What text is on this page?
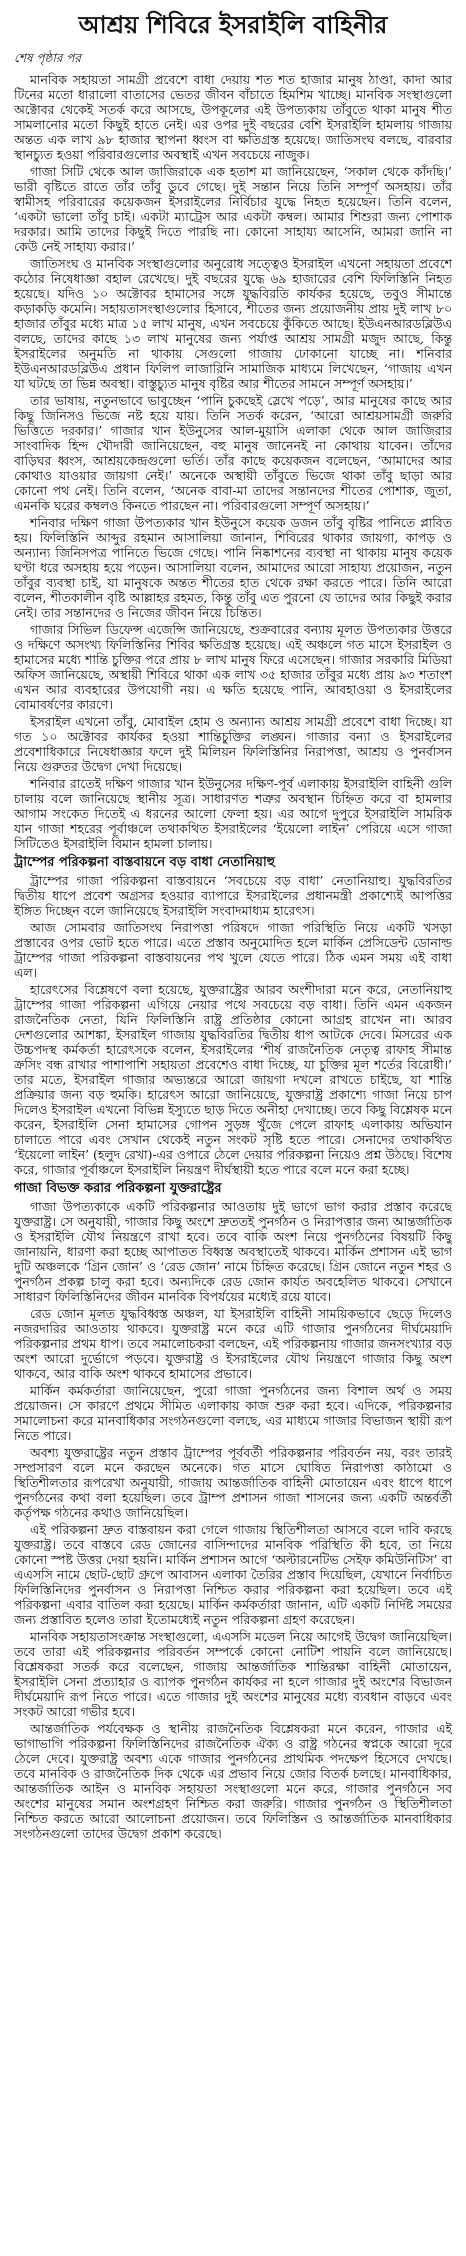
আশ্রয় শিবিরে ইসরাইলি বাহিনীর
শেষ পৃষ্ঠার পর

মানবিক সহায়তা সামগ্রী প্রবেশে বাধা দেয়ায় শত শত হাজার মানুষ ঠাণ্ডা, কাদা আর টিনের মতো ধারালো বাতাসের ভেতর জীবন বাঁচাতে হিমশিম খাচ্ছে। মানবিক সংস্থাগুলো অক্টোবর থেকেই সতর্ক করে আসছে, উপকূলের এই উপত্যকায় তাঁবুতে থাকা মানুষ শীত সামলানোর মতো কিছুই হাতে নেই। এর ওপর দুই বছরের বেশি ইসরাইলি হামলায় গাজায় অন্তত এক লাখ ৯৮ হাজার স্থাপনা ধ্বংস বা ক্ষতিগ্রস্ত হয়েছে। জাতিসংঘ বলছে, বারবার স্থানচ্যুত হওয়া পরিবারগুলোর অবস্থাই এখন সবচেয়ে নাজুক।

গাজা সিটি থেকে আল জাজিরাকে এক হতাশ মা জানিয়েছেন, ‘সকাল থেকে কাঁদছি।’ ভারী বৃষ্টিতে রাতে তাঁর তাঁবু ডুবে গেছে। দুই সন্তান নিয়ে তিনি সম্পূর্ণ অসহায়। তাঁর স্বামীসহ পরিবারের কয়েকজন ইসরাইলের নির্বিচার যুদ্ধে নিহত হয়েছেন। তিনি বলেন, ‘একটা ভালো তাঁবু চাই। একটা ম্যাট্রেস আর একটা কম্বল। আমার শিশুরা জন্য পোশাক দরকার। আমি তাদের কিছুই দিতে পারছি না। কোনো সাহায্য আসেনি, আমরা জানি না কেউ নেই সাহায্য করার।’

জাতিসংঘ ও মানবিক সংস্থাগুলোর অনুরোধ সত্ত্বেও ইসরাইল এখনো সহায়তা প্রবেশে কঠোর নিষেধাজ্ঞা বহাল রেখেছে। দুই বছরের যুদ্ধে ৬৯ হাজারের বেশি ফিলিস্তিনি নিহত হয়েছে। যদিও ১০ অক্টোবর হামাসের সঙ্গে যুদ্ধবিরতি কার্যকর হয়েছে, তবুও সীমান্তে কড়াকড়ি কমেনি। সহায়তাসংস্থাগুলোর হিসাবে, শীতের জন্য প্রয়োজনীয় প্রায় দুই লাখ ৮০ হাজার তাঁবুর মধ্যে মাত্র ১৫ লাখ মানুষ, এখন সবচেয়ে কুঁকিতে আছে। ইউএনআরডব্লিউএ বলছে, তাদের কাছে ১৩ লাখ মানুষের জন্য পর্যাপ্ত আশ্রয় সামগ্রী মজুদ আছে, কিন্তু ইসরাইলের অনুমতি না থাকায় সেগুলো গাজায় ঢোকানো যাচ্ছে না। শনিবার ইউএনআরডব্লিউএ প্রধান ফিলিপ লাজারিনি সামাজিক মাধ্যমে লিখেছেন, ‘গাজায় এখন যা ঘটছে তা ভিন্ন অবস্থা। বাস্তুচ্যুত মানুষ বৃষ্টির আর শীতের সামনে সম্পূর্ণ অসহায়।’

তার ভাষায়, নতুনভাবে ভাবুচ্ছেন ‘পানি চুকছেই স্লেখে পড়ে’, আর মানুষের কাছে আর কিছু জিনিসও ভিজে নষ্ট হয়ে যায়। তিনি সতর্ক করেন, ‘আরো আশ্রয়সামগ্রী জরুরি ভিত্তিতে দরকার।’ গাজার খান ইউনুসের আল-মুয়াসি এলাকা থেকে আল জাজিরার সাংবাদিক হিন্দ খৌদারী জানিয়েছেন, বহু মানুষ জানেনই না কোথায় যাবেন। তাঁদের বাড়িঘর ধ্বংস, আশ্রয়কেন্দ্রগুলো ভর্তি। তাঁর কাছে কয়েকজন বলেছেন, ‘আমাদের আর কোথাও যাওয়ার জায়গা নেই।’ অনেকে অস্থায়ী তাঁবুতে ভিজে থাকা তাঁবু ছাড়া আর কোনো পথ নেই। তিনি বলেন, ‘অনেক বাবা-মা তাদের সন্তানদের শীতের পোশাক, জুতা, এমনকি ঘরের কম্বলও কিনতে পারছেন না। পরিবারগুলো সম্পূর্ণ অসহায়।’

শনিবার দক্ষিণ গাজা উপত্যকার খান ইউনুসে কয়েক ডজন তাঁবু বৃষ্টির পানিতে প্লাবিত হয়। ফিলিস্তিনি আব্দুর রহমান আসালিয়া জানান, শিবিরের থাকার জায়গা, কাপড় ও অন্যান্য জিনিসপত্র পানিতে ভিজে গেছে। পানি নিষ্কাশনের ব্যবস্থা না থাকায় মানুষ কয়েক ঘণ্টা ধরে অসহায় হয়ে পড়েন। আসালিয়া বলেন, আমাদের আরো সাহায্য প্রয়োজন, নতুন তাঁবুর ব্যবস্থা চাই, যা মানুষকে অন্তত শীতের হাত থেকে রক্ষা করতে পারে। তিনি আরো বলেন, শীতকালীন বৃষ্টি আল্লাহর রহমত, কিন্তু তাঁবু এত পুরনো যে তাদের আর কিছুই করার নেই। তার সন্তানদের ও নিজের জীবন নিয়ে চিন্তিত।

গাজার সিভিল ডিফেন্স এজেন্সি জানিয়েছে, শুক্রবারের বন্যায় মূলত উপত্যকার উত্তরে ও দক্ষিণে অসংখ্য ফিলিস্তিনির শিবির ক্ষতিগ্রস্ত হয়েছে। এই অঞ্চলে গত মাসে ইসরাইল ও হামাসের মধ্যে শান্তি চুক্তির পরে প্রায় ৮ লাখ মানুষ ফিরে এসেছেন। গাজার সরকারি মিডিয়া অফিস জানিয়েছে, অস্থায়ী শিবিরে থাকা এক লাখ ৩৫ হাজার তাঁবুর মধ্যে প্রায় ৯৩ শতাংশ এখন আর ব্যবহারের উপযোগী নয়। এ ক্ষতি হয়েছে পানি, আবহাওয়া ও ইসরাইলের বোমাবর্ষণের কারণে।

ইসরাইল এখনো তাঁবু, মোবাইল হোম ও অন্যান্য আশ্রয় সামগ্রী প্রবেশে বাধা দিচ্ছে। যা গত ১০ অক্টোবর কার্যকর হওয়া শান্তিচুক্তির লঙ্ঘন। গাজার বন্যা ও ইসরাইলের প্রবেশাধিকারে নিষেধাজ্ঞার ফলে দুই মিলিয়ন ফিলিস্তিনির নিরাপত্তা, আশ্রয় ও পুনর্বাসন নিয়ে গুরুতর উদ্বেগ দেখা দিয়েছে।

শনিবার রাতেই দক্ষিণ গাজার খান ইউনুসের দক্ষিণ-পূর্ব এলাকায় ইসরাইলি বাহিনী গুলি চালায় বলে জানিয়েছে স্থানীয় সূত্র। সাধারণত শত্রুর অবস্থান চিহ্নিত করে বা হামলার আগাম সংকেত দিতেই এ ধরনের আলো ফেলা হয়। এর আগে দুপুরে ইসরাইলি সামরিক যান গাজা শহরের পূর্বাঞ্চলে তথাকথিত ইসরাইলের ‘ইয়েলো লাইন’ পেরিয়ে এসে গাজা সিটিতেও ইসরাইলি বিমান হামলা চালায়।

ট্রাম্পের পরিকল্পনা বাস্তবায়নে বড় বাধা নেতানিয়াহু

ট্রাম্পের গাজা পরিকল্পনা বাস্তবায়নে ‘সবচেয়ে বড় বাধা’ নেতানিয়াহু। যুদ্ধবিরতির দ্বিতীয় ধাপে প্রবেশ অগ্রসর হওয়ার ব্যাপারে ইসরাইলের প্রধানমন্ত্রী প্রকাশ্যেই আপত্তির ইঙ্গিত দিচ্ছেন বলে জানিয়েছে ইসরাইলি সংবাদমাধ্যম হারেৎস।

আজ সোমবার জাতিসংঘ নিরাপত্তা পরিষদে গাজা পরিস্থিতি নিয়ে একটি খসড়া প্রস্তাবের ওপর ভোট হতে পারে। এতে প্রস্তাব অনুমোদিত হলে মার্কিন প্রেসিডেন্ট ডোনাল্ড ট্রাম্পের গাজা পরিকল্পনা বাস্তবায়নের পথ খুলে যেতে পারে। ঠিক এমন সময় এই বাধা এল।

হারেৎসের বিশ্লেষণে বলা হয়েছে, যুক্তরাষ্ট্রের আরব অংশীদারা মনে করে, নেতানিয়াহু ট্রাম্পের গাজা পরিকল্পনা এগিয়ে নেয়ার পথে সবচেয়ে বড় বাধা। তিনি এমন একজন রাজনৈতিক নেতা, যিনি ফিলিস্তিনি রাষ্ট্র প্রতিষ্ঠার কোনো আগ্রহ রাখেন না। আরব দেশগুলোর আশঙ্কা, ইসরাইল গাজায় যুদ্ধবিরতির দ্বিতীয় ধাপ আটকে দেবে। মিসরের এক উচ্চপদস্থ কর্মকর্তা হারেৎসকে বলেন, ইসরাইলের ‘শীর্ষ রাজনৈতিক নেতৃত্ব রাফাহ সীমান্ত ক্রসিং বন্ধ রাখার পাশাপাশি সহায়তা প্রবেশেও বাধা দিচ্ছে, যা চুক্তির মূল শর্তের বিরোধী।’ তার মতে, ইসরাইল গাজার অভ্যন্তরে আরো জায়গা দখলে রাখতে চাইছে, যা শান্তি প্রক্রিয়ার জন্য বড় হুমকি। হারেৎস আরো জানিয়েছে, যুক্তরাষ্ট্র প্রকাশ্যে গাজা নিয়ে চাপ দিলেও ইসরাইল এখনো বিভিন্ন ইস্যুতে ছাড় দিতে অনীহা দেখাচ্ছে। তবে কিছু বিশ্লেষক মনে করেন, ইসরাইলি সেনা হামাসের গোপন সুড়ঙ্গ খুঁজে পেলে রাফাহ এলাকায় অভিযান চালাতে পারে এবং সেখান থেকেই নতুন সংকট সৃষ্টি হতে পারে। সেনাদের তথাকথিত ‘ইয়েলো লাইন’ (হলুদ রেখা)-এর ওপারে ঠেলে দেয়ার পরিকল্পনা নিয়েও প্রশ্ন উঠছে। বিশেষ করে, গাজার পূর্বাঞ্চলে ইসরাইলি নিয়ন্ত্রণ দীর্ঘস্থায়ী হতে পারে বলে মনে করা হচ্ছে।

গাজা বিভক্ত করার পরিকল্পনা যুক্তরাষ্ট্রের

গাজা উপত্যকাকে একটি পরিকল্পনার আওতায় দুই ভাগে ভাগ করার প্রস্তাব করেছে যুক্তরাষ্ট্র। সে অনুযায়ী, গাজার কিছু অংশে দ্রুততই পুনর্গঠন ও নিরাপত্তার জন্য আন্তর্জাতিক ও ইসরাইলি যৌথ নিয়ন্ত্রণে রাখা হবে। তবে বাকি অংশ নিয়ে পুনর্গঠনের বিষয়টি কিছু জানায়নি, ধারণা করা হচ্ছে আপাতত বিধ্বস্ত অবস্থাতেই থাকবে। মার্কিন প্রশাসন এই ভাগ দুটি অঞ্চলকে ‘গ্রিন জোন’ ও ‘রেড জোন’ নামে চিহ্নিত করেছে। গ্রিন জোনে নতুন শহর ও পুনর্গঠন প্রকল্প চালু করা হবে। অন্যদিকে রেড জোন কার্যত অবহেলিত থাকবে। সেখানে সাধারণ ফিলিস্তিনিদের জীবন মানবিক বিপর্যয়ের মধ্যেই রয়ে যাবে।

রেড জোন মূলত যুদ্ধবিধ্বস্ত অঞ্চল, যা ইসরাইলি বাহিনী সাময়িকভাবে ছেড়ে দিলেও নজরদারির আওতায় থাকবে। যুক্তরাষ্ট্র মনে করে এটি গাজার পুনর্গঠনের দীর্ঘমেয়াদি পরিকল্পনার প্রথম ধাপ। তবে সমালোচকরা বলছেন, এই পরিকল্পনায় গাজার জনসংখ্যার বড় অংশ আরো দুর্ভোগে পড়বে। যুক্তরাষ্ট্র ও ইসরাইলের যৌথ নিয়ন্ত্রণে গাজার কিছু অংশ থাকবে, আর বাকি অংশ থাকবে হামাসের প্রভাবে।

মার্কিন কর্মকর্তারা জানিয়েছেন, পুরো গাজা পুনর্গঠনের জন্য বিশাল অর্থ ও সময় প্রয়োজন। সে কারণে প্রথমে সীমিত এলাকায় কাজ শুরু করা হবে। এদিকে, পরিকল্পনার সমালোচনা করে মানবাধিকার সংগঠনগুলো বলছে, এর মাধ্যমে গাজার বিভাজন স্থায়ী রূপ নিতে পারে।

অবশ্য যুক্তরাষ্ট্রের নতুন প্রস্তাব ট্রাম্পের পূর্ববর্তী পরিকল্পনার পরিবর্তন নয়, বরং তারই সম্প্রসারণ বলে মনে করছেন অনেকে। গত মাসে ঘোষিত নিরাপত্তা কাঠামো ও স্থিতিশীলতার রূপরেখা অনুযায়ী, গাজায় আন্তর্জাতিক বাহিনী মোতায়েন এবং ধাপে ধাপে পুনর্গঠনের কথা বলা হয়েছিল। তবে ট্রাম্প প্রশাসন গাজা শাসনের জন্য একটি অন্তর্বর্তী কর্তৃপক্ষ গঠনের কথাও জানিয়েছিল।

এই পরিকল্পনা দ্রুত বাস্তবায়ন করা গেলে গাজায় স্থিতিশীলতা আসবে বলে দাবি করছে যুক্তরাষ্ট্র। তবে বাস্তবে রেড জোনের বাসিন্দাদের মানবিক পরিস্থিতি কী হবে, তা নিয়ে কোনো স্পষ্ট উত্তর দেয়া হয়নি। মার্কিন প্রশাসন আগে ‘অল্টারনেটিভ সেইফ কমিউনিটিস’ বা এএসসি নামে ছোট-ছোট গ্রুপে আবাসন এলাকা তৈরির প্রস্তাব দিয়েছিল, যেখানে নির্বাচিত ফিলিস্তিনিদের পুনর্বাসন ও নিরাপত্তা নিশ্চিত করার পরিকল্পনা করা হয়েছিল। তবে এই পরিকল্পনা এবার বাতিল করা হয়েছে। মার্কিন কর্মকর্তারা জানান, এটি একটি নির্দিষ্ট সময়ের জন্য প্রস্তাবিত হলেও তারা ইতোমধ্যেই নতুন পরিকল্পনা গ্রহণ করেছেন।

মানবিক সহায়তাসংক্রান্ত সংস্থাগুলো, এএসসি মডেল নিয়ে আগেই উদ্বেগ জানিয়েছিল। তবে তারা এই পরিকল্পনার পরিবর্তন সম্পর্কে কোনো নোটিশ পায়নি বলে জানিয়েছে। বিশ্লেষকরা সতর্ক করে বলেছেন, গাজায় আন্তর্জাতিক শান্তিরক্ষা বাহিনী মোতায়েন, ইসরাইলি সেনা প্রত্যাহার ও ব্যাপক পুনর্গঠন কার্যকর না হলে গাজার দুই অংশের বিভাজন দীর্ঘমেয়াদি রূপ নিতে পারে। এতে গাজার দুই অংশের মানুষের মধ্যে ব্যবধান বাড়বে এবং সংকট আরো গভীর হবে।

আন্তর্জাতিক পর্যবেক্ষক ও স্থানীয় রাজনৈতিক বিশ্লেষকরা মনে করেন, গাজার এই ভাগাভাগি পরিকল্পনা ফিলিস্তিনিদের রাজনৈতিক ঐক্য ও রাষ্ট্র গঠনের স্বপ্নকে আরো দূরে ঠেলে দেবে। যুক্তরাষ্ট্র অবশ্য একে গাজার পুনর্গঠনের প্রাথমিক পদক্ষেপ হিসেবে দেখছে। তবে মানবিক ও রাজনৈতিক দিক থেকে এর প্রভাব নিয়ে জোর বিতর্ক চলছে। মানবাধিকার, আন্তর্জাতিক আইন ও মানবিক সহায়তা সংস্থাগুলো মনে করে, গাজার পুনর্গঠনে সব অংশের মানুষের সমান অংশগ্রহণ নিশ্চিত করা জরুরি। গাজার পুনর্গঠন ও স্থিতিশীলতা নিশ্চিত করতে আরো আলোচনা প্রয়োজন। তবে ফিলিস্তিন ও আন্তর্জাতিক মানবাধিকার সংগঠনগুলো তাদের উদ্বেগ প্রকাশ করেছে।
